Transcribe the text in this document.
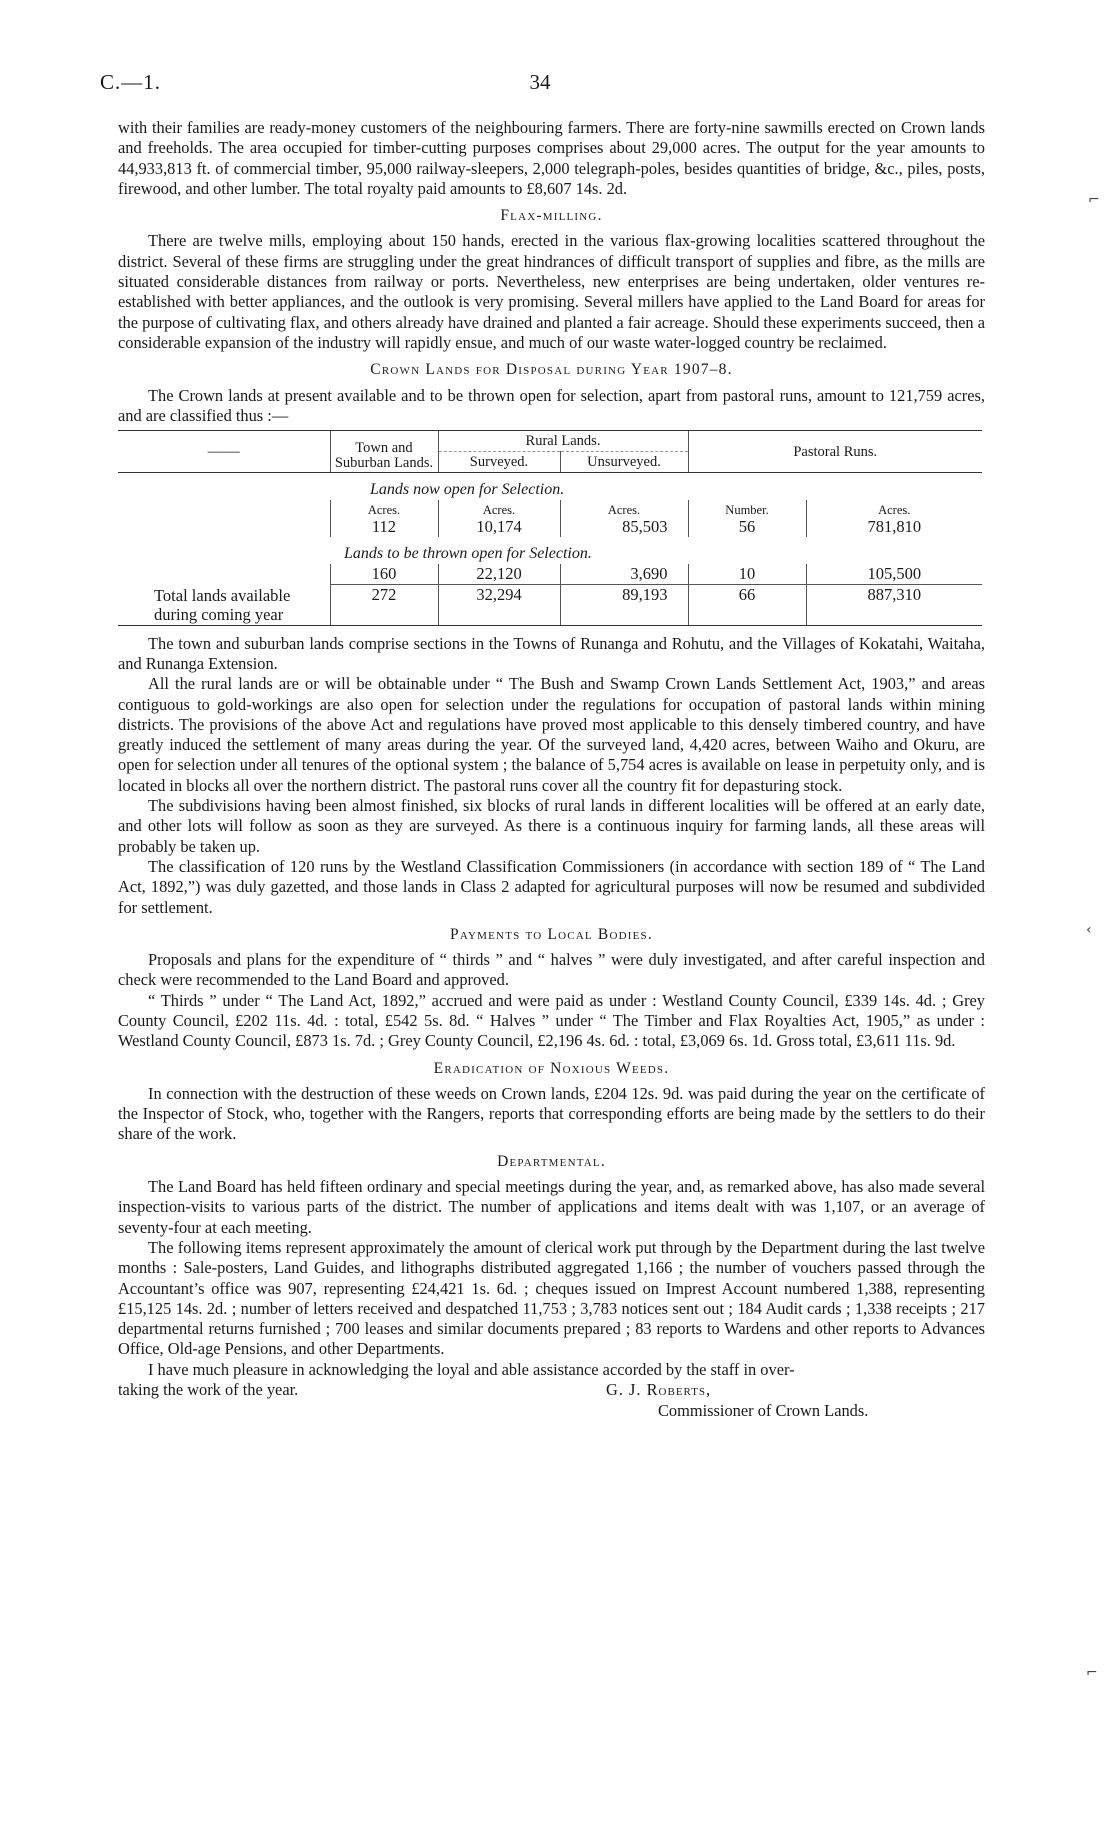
C.—1.	34

with their families are ready-money customers of the neighbouring farmers. There are forty-nine sawmills erected on Crown lands and freeholds. The area occupied for timber-cutting purposes comprises about 29,000 acres. The output for the year amounts to 44,933,813 ft. of commercial timber, 95,000 railway-sleepers, 2,000 telegraph-poles, besides quantities of bridge, &c., piles, posts, firewood, and other lumber. The total royalty paid amounts to £8,607 14s. 2d.

Flax-milling.

There are twelve mills, employing about 150 hands, erected in the various flax-growing localities scattered throughout the district. Several of these firms are struggling under the great hindrances of difficult transport of supplies and fibre, as the mills are situated considerable distances from railway or ports. Nevertheless, new enterprises are being undertaken, older ventures re-established with better appliances, and the outlook is very promising. Several millers have applied to the Land Board for areas for the purpose of cultivating flax, and others already have drained and planted a fair acreage. Should these experiments succeed, then a considerable expansion of the industry will rapidly ensue, and much of our waste water-logged country be reclaimed.

Crown Lands for Disposal during Year 1907–8.

The Crown lands at present available and to be thrown open for selection, apart from pastoral runs, amount to 121,759 acres, and are classified thus :—

——	Town and Suburban Lands.	Rural Lands.		Pastoral Runs.	
		Surveyed.	Unsurveyed.		

	Lands now open for Selection.				
	Acres.	Acres.	Acres.	Number.	Acres.
	112	10,174	85,503	56	781,810
	Lands to be thrown open for Selection.				
	160	22,120	3,690	10	105,500
Total lands available during coming year	272	32,294	89,193	66	887,310

The town and suburban lands comprise sections in the Towns of Runanga and Rohutu, and the Villages of Kokatahi, Waitaha, and Runanga Extension.

All the rural lands are or will be obtainable under “ The Bush and Swamp Crown Lands Settlement Act, 1903,” and areas contiguous to gold-workings are also open for selection under the regulations for occupation of pastoral lands within mining districts. The provisions of the above Act and regulations have proved most applicable to this densely timbered country, and have greatly induced the settlement of many areas during the year. Of the surveyed land, 4,420 acres, between Waiho and Okuru, are open for selection under all tenures of the optional system ; the balance of 5,754 acres is available on lease in perpetuity only, and is located in blocks all over the northern district. The pastoral runs cover all the country fit for depasturing stock.

The subdivisions having been almost finished, six blocks of rural lands in different localities will be offered at an early date, and other lots will follow as soon as they are surveyed. As there is a continuous inquiry for farming lands, all these areas will probably be taken up.

The classification of 120 runs by the Westland Classification Commissioners (in accordance with section 189 of “ The Land Act, 1892,”) was duly gazetted, and those lands in Class 2 adapted for agricultural purposes will now be resumed and subdivided for settlement.

Payments to Local Bodies.

Proposals and plans for the expenditure of “ thirds ” and “ halves ” were duly investigated, and after careful inspection and check were recommended to the Land Board and approved.

“ Thirds ” under “ The Land Act, 1892,” accrued and were paid as under : Westland County Council, £339 14s. 4d. ; Grey County Council, £202 11s. 4d. : total, £542 5s. 8d. “ Halves ” under “ The Timber and Flax Royalties Act, 1905,” as under : Westland County Council, £873 1s. 7d. ; Grey County Council, £2,196 4s. 6d. : total, £3,069 6s. 1d. Gross total, £3,611 11s. 9d.

Eradication of Noxious Weeds.

In connection with the destruction of these weeds on Crown lands, £204 12s. 9d. was paid during the year on the certificate of the Inspector of Stock, who, together with the Rangers, reports that corresponding efforts are being made by the settlers to do their share of the work.

Departmental.

The Land Board has held fifteen ordinary and special meetings during the year, and, as remarked above, has also made several inspection-visits to various parts of the district. The number of applications and items dealt with was 1,107, or an average of seventy-four at each meeting.

The following items represent approximately the amount of clerical work put through by the Department during the last twelve months : Sale-posters, Land Guides, and lithographs distributed aggregated 1,166 ; the number of vouchers passed through the Accountant’s office was 907, representing £24,421 1s. 6d. ; cheques issued on Imprest Account numbered 1,388, representing £15,125 14s. 2d. ; number of letters received and despatched 11,753 ; 3,783 notices sent out ; 184 Audit cards ; 1,338 receipts ; 217 departmental returns furnished ; 700 leases and similar documents prepared ; 83 reports to Wardens and other reports to Advances Office, Old-age Pensions, and other Departments.

I have much pleasure in acknowledging the loyal and able assistance accorded by the staff in over-

taking the work of the year.	G. J. Roberts,
Commissioner of Crown Lands.
⌐
‹
⌐
